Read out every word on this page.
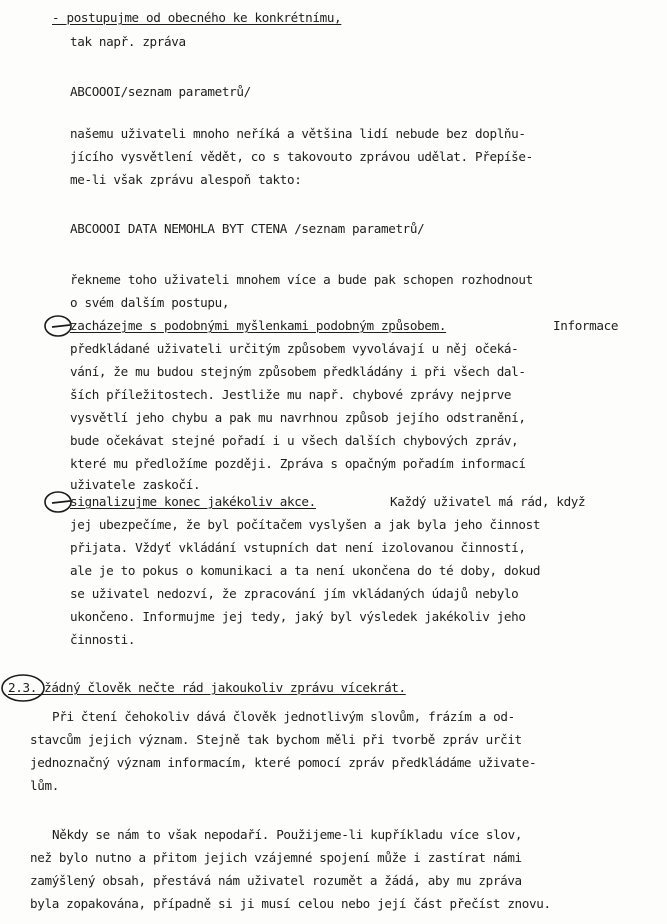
- postupujme od obecného ke konkrétnímu,
tak např. zpráva
ABCOOOI/seznam parametrů/
našemu uživateli mnoho neříká a většina lidí nebude bez doplňu-
jícího vysvětlení vědět, co s takovouto zprávou udělat. Přepíše-
me-li však zprávu alespoň takto:
ABCOOOI DATA NEMOHLA BYT CTENA /seznam parametrů/
řekneme toho uživateli mnohem více a bude pak schopen rozhodnout
o svém dalším postupu,
zacházejme s podobnými myšlenkami podobným způsobem.
předkládané uživateli určitým způsobem vyvolávají u něj očeká-
vání, že mu budou stejným způsobem předkládány i při všech dal-
ších příležitostech. Jestliže mu např. chybové zprávy nejprve
vysvětlí jeho chybu a pak mu navrhnou způsob jejího odstranění,
bude očekávat stejné pořadí i u všech dalších chybových zpráv,
které mu předložíme později. Zpráva s opačným pořadím informací
uživatele zaskočí.
signalizujme konec jakékoliv akce.
jej ubezpečíme, že byl počítačem vyslyšen a jak byla jeho činnost
přijata. Vždyť vkládání vstupních dat není izolovanou činností,
ale je to pokus o komunikaci a ta není ukončena do té doby, dokud
se uživatel nedozví, že zpracování jím vkládaných údajů nebylo
ukončeno. Informujme jej tedy, jaký byl výsledek jakékoliv jeho
činnosti.
2.3. žádný člověk nečte rád jakoukoliv zprávu vícekrát.
Při čtení čehokoliv dává člověk jednotlivým slovům, frázím a od-
stavcům jejich význam. Stejně tak bychom měli při tvorbě zpráv určit
jednoznačný význam informacím, které pomocí zpráv předkládáme uživate-
lům.
Někdy se nám to však nepodaří. Použijeme-li kupříkladu více slov,
než bylo nutno a přitom jejich vzájemné spojení může i zastírat námi
zamýšlený obsah, přestává nám uživatel rozumět a žádá, aby mu zpráva
byla zopakována, případně si ji musí celou nebo její část přečíst znovu.
Informace
Každý uživatel má rád, když
